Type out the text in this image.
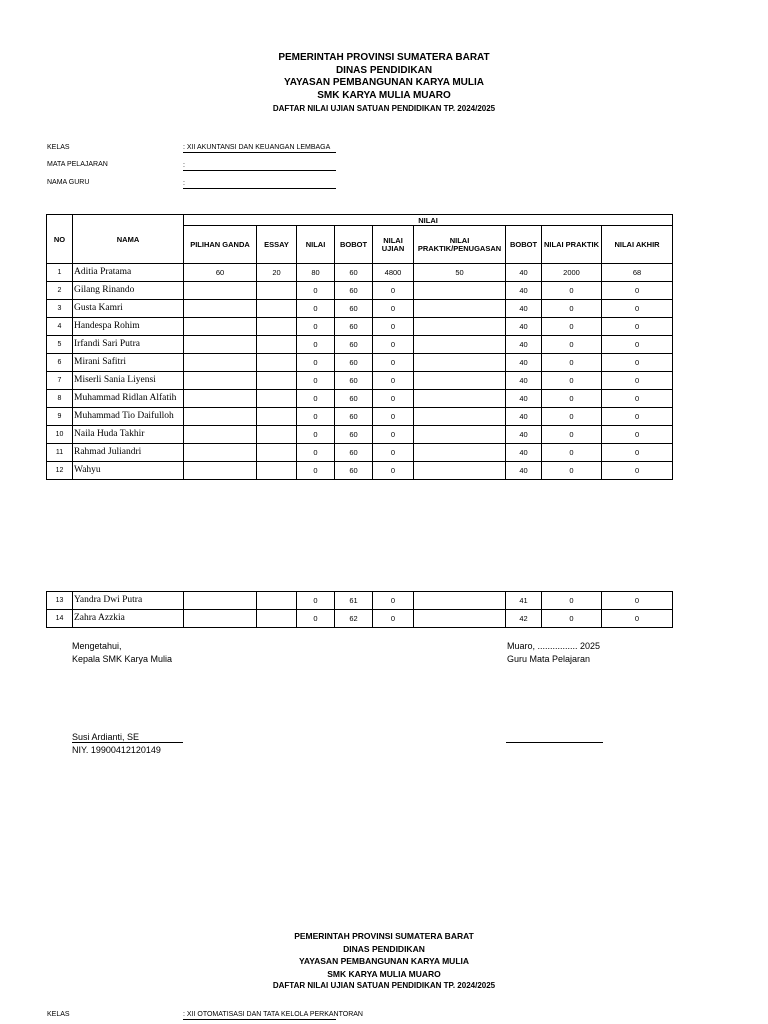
PEMERINTAH PROVINSI SUMATERA BARAT
DINAS PENDIDIKAN
YAYASAN PEMBANGUNAN KARYA MULIA
SMK KARYA MULIA MUARO
DAFTAR NILAI UJIAN SATUAN PENDIDIKAN TP. 2024/2025
KELAS	: XII AKUNTANSI DAN KEUANGAN LEMBAGA
MATA PELAJARAN	:
NAMA GURU	:
NO	NAMA	NILAI								
		PILIHAN GANDA	ESSAY	NILAI	BOBOT	NILAI UJIAN	NILAI PRAKTIK/PENUGASAN	BOBOT	NILAI PRAKTIK	NILAI AKHIR
1	Aditia Pratama	60	20	80	60	4800	50	40	2000	68
2	Gilang Rinando			0	60	0		40	0	0
3	Gusta Kamri			0	60	0		40	0	0
4	Handespa Rohim			0	60	0		40	0	0
5	Irfandi Sari Putra			0	60	0		40	0	0
6	Mirani Safitri			0	60	0		40	0	0
7	Miserli Sania Liyensi			0	60	0		40	0	0
8	Muhammad Ridlan Alfatih			0	60	0		40	0	0
9	Muhammad Tio Daifulloh			0	60	0		40	0	0
10	Naila Huda Takhir			0	60	0		40	0	0
11	Rahmad Juliandri			0	60	0		40	0	0
12	Wahyu			0	60	0		40	0	0
13	Yandra Dwi Putra			0	61	0		41	0	0
14	Zahra Azzkia			0	62	0		42	0	0
Mengetahui,
Kepala SMK Karya Mulia
Muaro, ................ 2025
Guru Mata Pelajaran
Susi Ardianti, SE
NIY. 19900412120149
PEMERINTAH PROVINSI SUMATERA BARAT
DINAS PENDIDIKAN
YAYASAN PEMBANGUNAN KARYA MULIA
SMK KARYA MULIA MUARO
DAFTAR NILAI UJIAN SATUAN PENDIDIKAN TP. 2024/2025
KELAS	: XII OTOMATISASI DAN TATA KELOLA PERKANTORAN
